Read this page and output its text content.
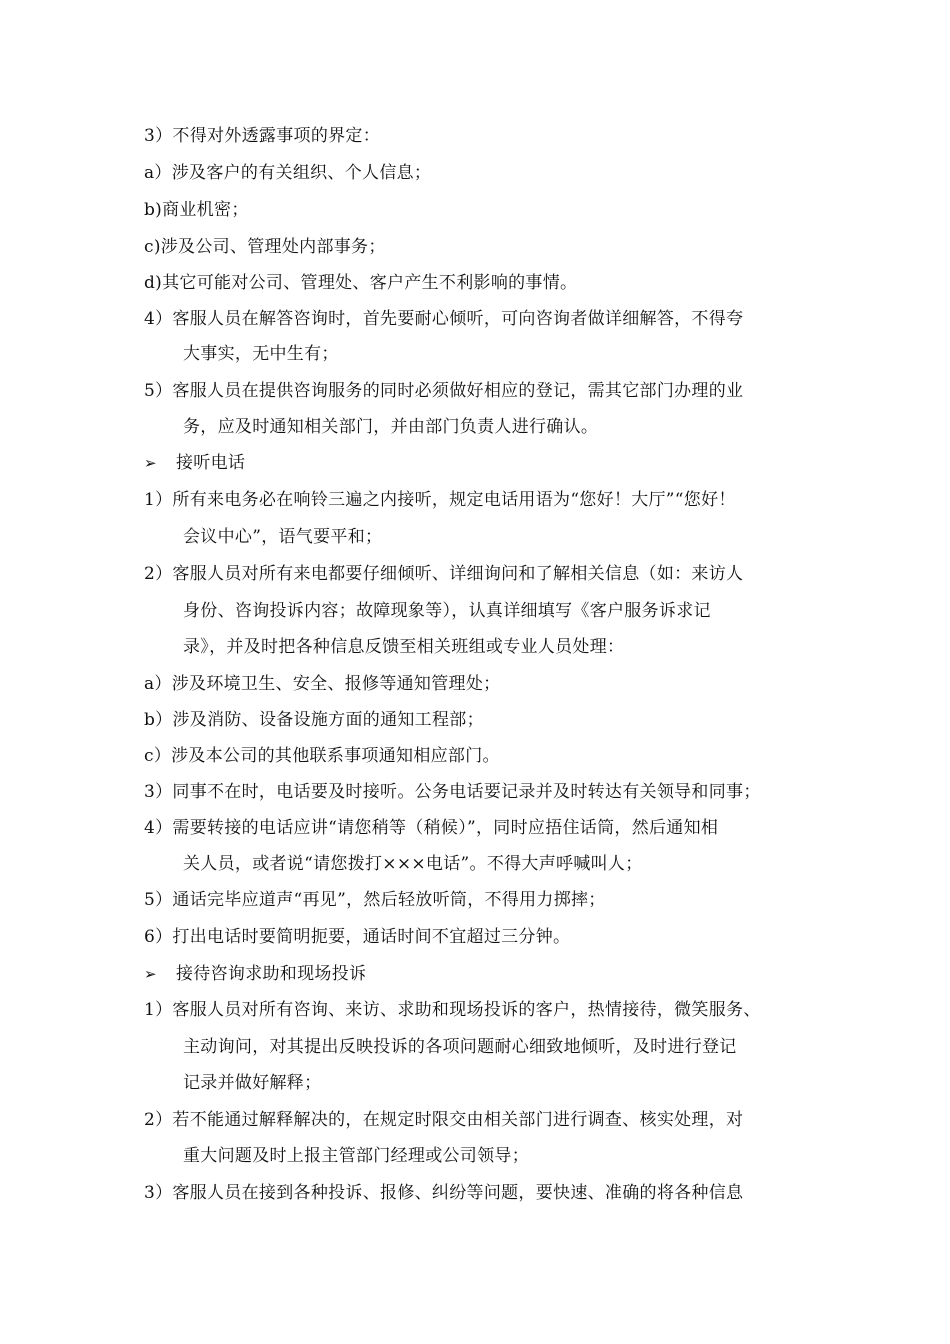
3）不得对外透露事项的界定：
a）涉及客户的有关组织、个人信息；
b)商业机密；
c)涉及公司、管理处内部事务；
d)其它可能对公司、管理处、客户产生不利影响的事情。
4）客服人员在解答咨询时，首先要耐心倾听，可向咨询者做详细解答，不得夸
大事实，无中生有；
5）客服人员在提供咨询服务的同时必须做好相应的登记，需其它部门办理的业
务，应及时通知相关部门，并由部门负责人进行确认。
➢ 接听电话
1）所有来电务必在响铃三遍之内接听，规定电话用语为“您好！大厅”“您好！
会议中心”，语气要平和；
2）客服人员对所有来电都要仔细倾听、详细询问和了解相关信息（如：来访人
身份、咨询投诉内容；故障现象等），认真详细填写《客户服务诉求记
录》，并及时把各种信息反馈至相关班组或专业人员处理：
a）涉及环境卫生、安全、报修等通知管理处；
b）涉及消防、设备设施方面的通知工程部；
c）涉及本公司的其他联系事项通知相应部门。
3）同事不在时，电话要及时接听。公务电话要记录并及时转达有关领导和同事；
4）需要转接的电话应讲“请您稍等（稍候）”，同时应捂住话筒，然后通知相
关人员，或者说“请您拨打×××电话”。不得大声呼喊叫人；
5）通话完毕应道声“再见”，然后轻放听筒，不得用力掷摔；
6）打出电话时要简明扼要，通话时间不宜超过三分钟。
➢ 接待咨询求助和现场投诉
1）客服人员对所有咨询、来访、求助和现场投诉的客户，热情接待，微笑服务、
主动询问，对其提出反映投诉的各项问题耐心细致地倾听，及时进行登记
记录并做好解释；
2）若不能通过解释解决的，在规定时限交由相关部门进行调查、核实处理，对
重大问题及时上报主管部门经理或公司领导；
3）客服人员在接到各种投诉、报修、纠纷等问题，要快速、准确的将各种信息
